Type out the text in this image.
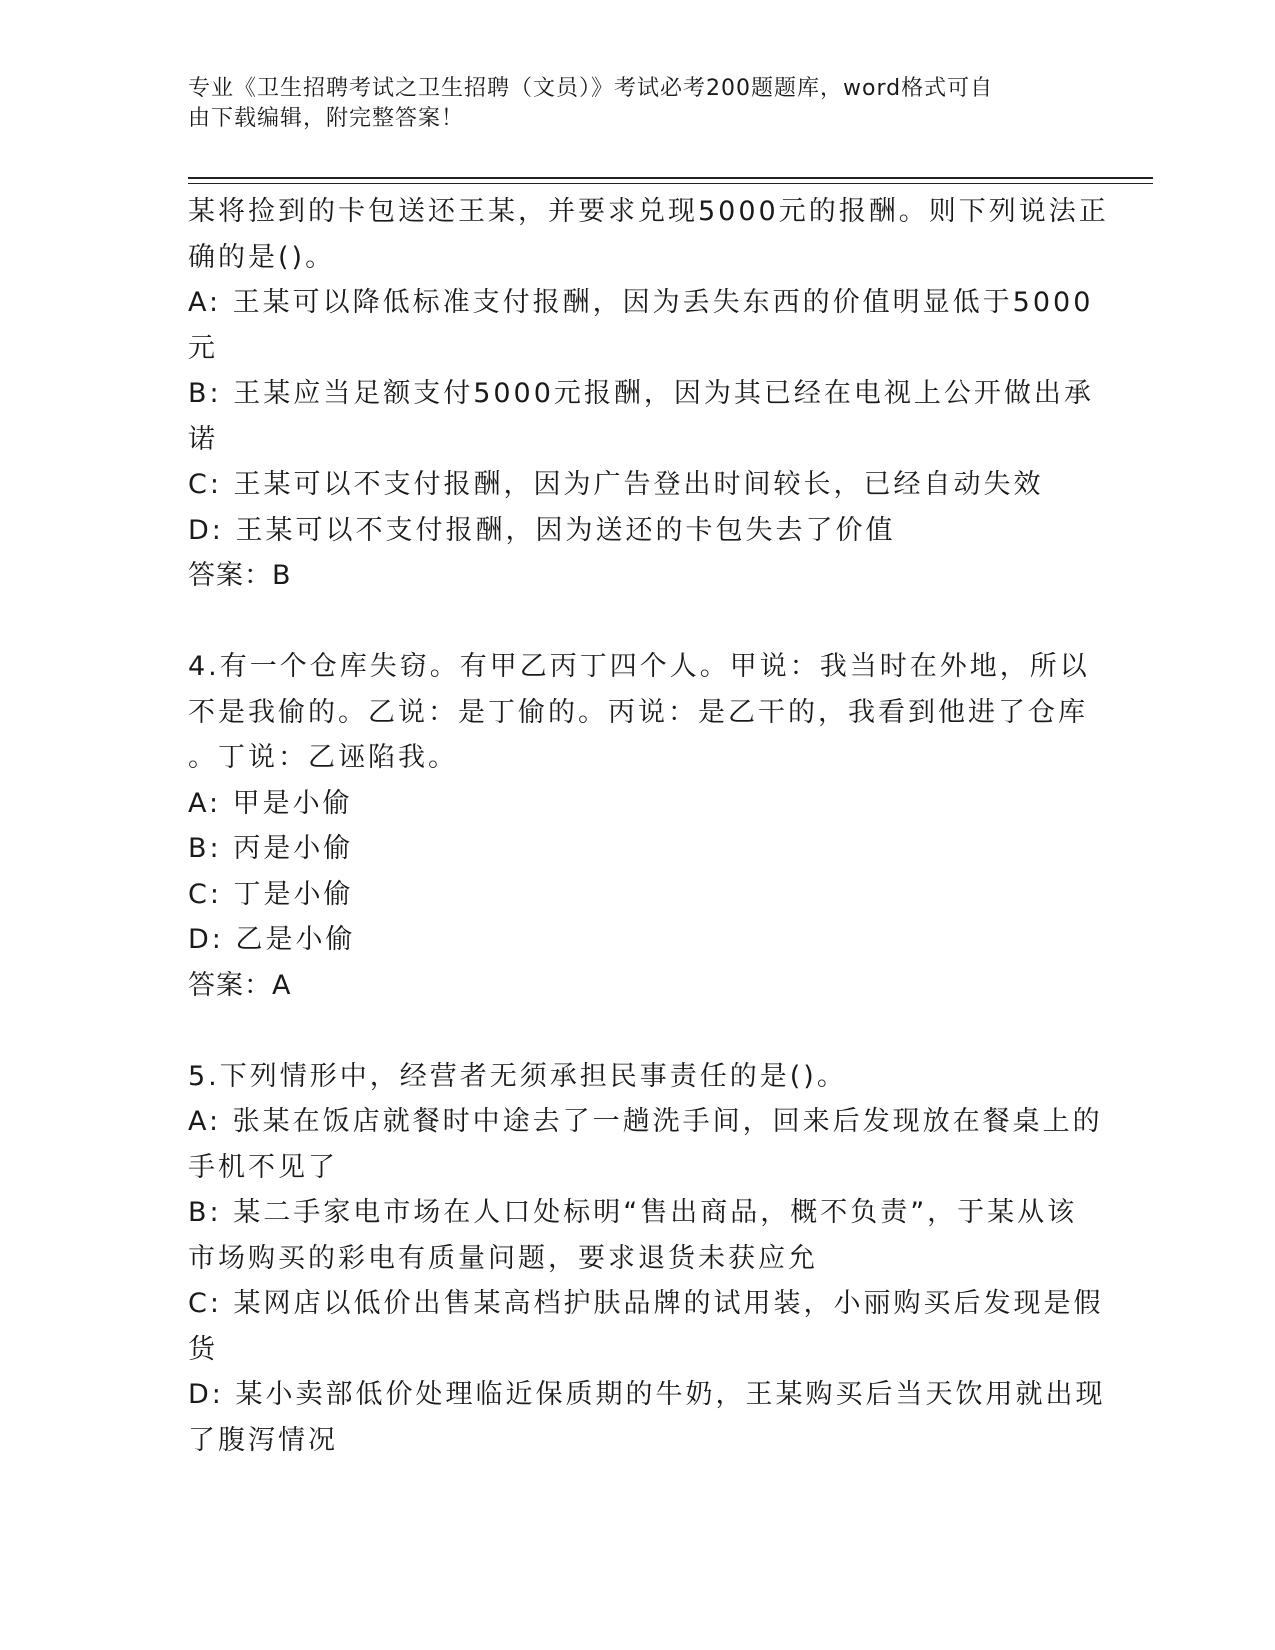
专业《卫生招聘考试之卫生招聘（文员）》考试必考200题题库，word格式可自
由下载编辑，附完整答案！
某将捡到的卡包送还王某，并要求兑现5000元的报酬。则下列说法正
确的是()。
A: 王某可以降低标准支付报酬，因为丢失东西的价值明显低于5000
元
B: 王某应当足额支付5000元报酬，因为其已经在电视上公开做出承
诺
C: 王某可以不支付报酬，因为广告登出时间较长，已经自动失效
D: 王某可以不支付报酬，因为送还的卡包失去了价值
答案：B
4.有一个仓库失窃。有甲乙丙丁四个人。甲说：我当时在外地，所以
不是我偷的。乙说：是丁偷的。丙说：是乙干的，我看到他进了仓库
。丁说：乙诬陷我。
A: 甲是小偷
B: 丙是小偷
C: 丁是小偷
D: 乙是小偷
答案：A
5.下列情形中，经营者无须承担民事责任的是()。
A: 张某在饭店就餐时中途去了一趟洗手间，回来后发现放在餐桌上的
手机不见了
B: 某二手家电市场在人口处标明“售出商品，概不负责”，于某从该
市场购买的彩电有质量问题，要求退货未获应允
C: 某网店以低价出售某高档护肤品牌的试用装，小丽购买后发现是假
货
D: 某小卖部低价处理临近保质期的牛奶，王某购买后当天饮用就出现
了腹泻情况
